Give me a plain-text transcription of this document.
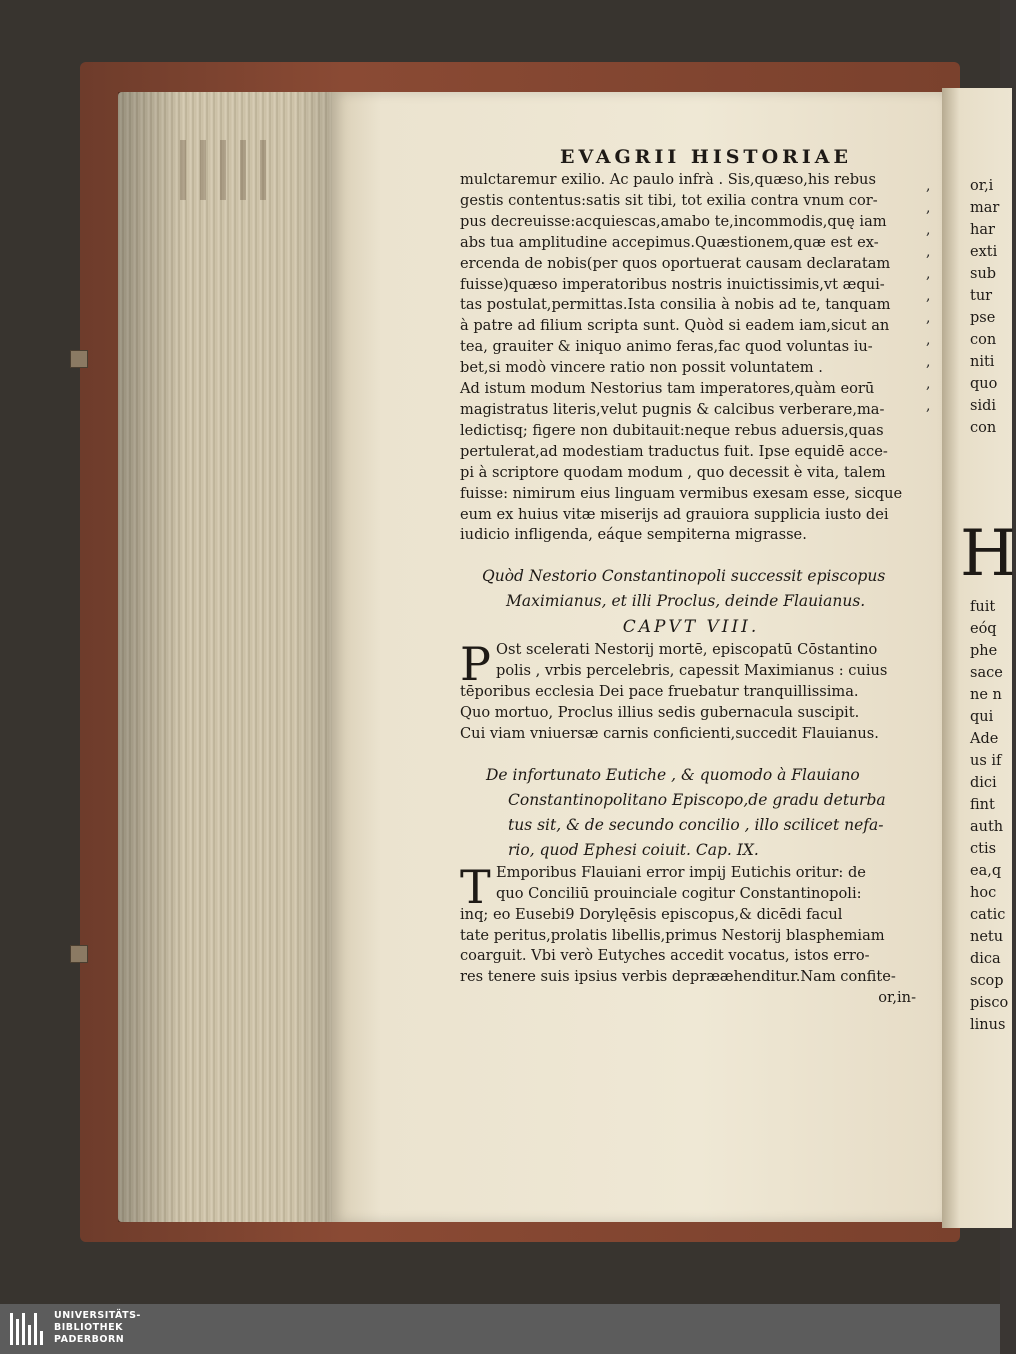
EVAGRII HISTORIAE
mulctaremur exilio. Ac paulo infrà . Sis,quæso,his rebus
gestis contentus:satis sit tibi, tot exilia contra vnum cor-
pus decreuisse:acquiescas,amabo te,incommodis,quę iam
abs tua amplitudine accepimus.Quæstionem,quæ est ex-
ercenda de nobis(per quos oportuerat causam declaratam
fuisse)quæso imperatoribus nostris inuictissimis,vt æqui-
tas postulat,permittas.Ista consilia à nobis ad te, tanquam
à patre ad filium scripta sunt. Quòd si eadem iam,sicut an
tea, grauiter & iniquo animo feras,fac quod voluntas iu-
bet,si modò vincere ratio non possit voluntatem .
Ad istum modum Nestorius tam imperatores,quàm eorū
magistratus literis,velut pugnis & calcibus verberare,ma-
ledictisq; figere non dubitauit:neque rebus aduersis,quas
pertulerat,ad modestiam traductus fuit. Ipse equidē acce-
pi à scriptore quodam modum , quo decessit è vita, talem
fuisse: nimirum eius linguam vermibus exesam esse, sicque
eum ex huius vitæ miserijs ad grauiora supplicia iusto dei
iudicio infligenda, eáque sempiterna migrasse.
Quòd Nestorio Constantinopoli successit episcopus
Maximianus, et illi Proclus, deinde Flauianus.
CAPVT VIII.
P Ost scelerati Nestorij mortē, episcopatū Cōstantino
polis , vrbis percelebris, capessit Maximianus : cuius
tēporibus ecclesia Dei pace fruebatur tranquillissima.
Quo mortuo, Proclus illius sedis gubernacula suscipit.
Cui viam vniuersæ carnis conficienti,succedit Flauianus.
De infortunato Eutiche , & quomodo à Flauiano
Constantinopolitano Episcopo,de gradu deturba
tus sit, & de secundo concilio , illo scilicet nefa-
rio, quod Ephesi coiuit. Cap. IX.
T Emporibus Flauiani error impij Eutichis oritur: de
quo Conciliū prouinciale cogitur Constantinopoli:
inq; eo Eusebi9 Dorylęēsis episcopus,& dicēdi facul
tate peritus,prolatis libellis,primus Nestorij blasphemiam
coarguit. Vbi verò Eutyches accedit vocatus, istos erro-
res tenere suis ipsius verbis deprææhenditur.Nam confite-
or,in-
,
,
,
,
,
,
,
,
,
,
,
or,i
mar
har
exti
sub
tur
pse
con
niti
quo
sidi
con
H
fuit
eóq
phe
sace
ne n
qui
Ade
us if
dici
fint
auth
ctis
ea,q
hoc
catic
netu
dica
scop
pisco
linus
UNIVERSITÄTS-
BIBLIOTHEK
PADERBORN
